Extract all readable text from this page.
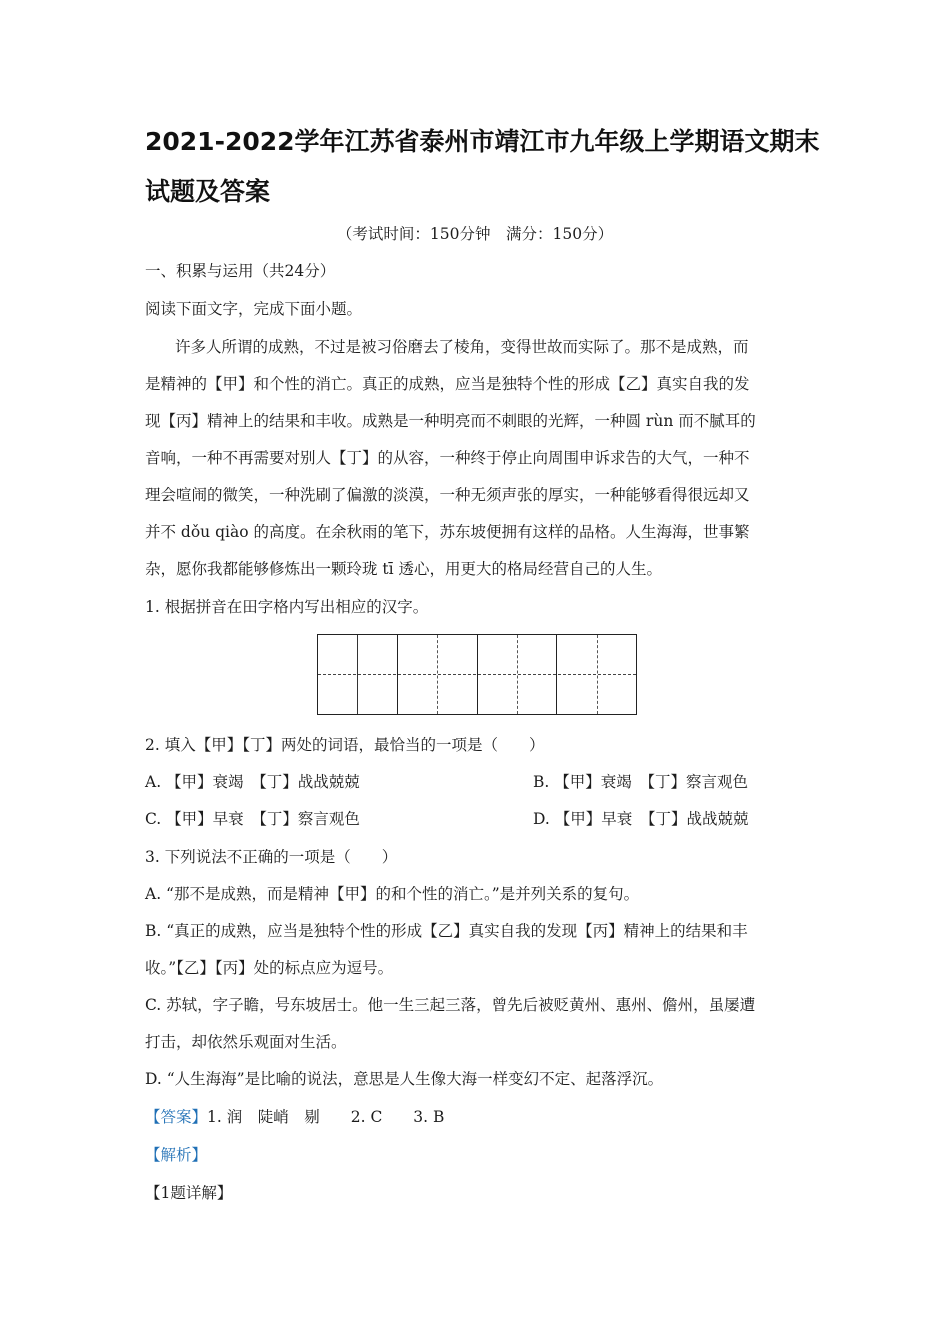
2021-2022学年江苏省泰州市靖江市九年级上学期语文期末
试题及答案
（考试时间：150分钟　满分：150分）
一、积累与运用（共24分）
阅读下面文字，完成下面小题。
许多人所谓的成熟，不过是被习俗磨去了棱角，变得世故而实际了。那不是成熟，而
是精神的【甲】和个性的消亡。真正的成熟，应当是独特个性的形成【乙】真实自我的发
现【丙】精神上的结果和丰收。成熟是一种明亮而不刺眼的光辉，一种圆 rùn 而不腻耳的
音响，一种不再需要对别人【丁】的从容，一种终于停止向周围申诉求告的大气，一种不
理会喧闹的微笑，一种洗刷了偏激的淡漠，一种无须声张的厚实，一种能够看得很远却又
并不 dǒu qiào 的高度。在余秋雨的笔下，苏东坡便拥有这样的品格。人生海海，世事繁
杂，愿你我都能够修炼出一颗玲珑 tī 透心，用更大的格局经营自己的人生。
1. 根据拼音在田字格内写出相应的汉字。
2. 填入【甲】【丁】两处的词语，最恰当的一项是（　　）
A. 【甲】衰竭　【丁】战战兢兢	B. 【甲】衰竭　【丁】察言观色
C. 【甲】早衰　【丁】察言观色	D. 【甲】早衰　【丁】战战兢兢
3. 下列说法不正确的一项是（　　）
A. “那不是成熟，而是精神【甲】的和个性的消亡。”是并列关系的复句。
B. “真正的成熟，应当是独特个性的形成【乙】真实自我的发现【丙】精神上的结果和丰
收。”【乙】【丙】处的标点应为逗号。
C. 苏轼，字子瞻，号东坡居士。他一生三起三落，曾先后被贬黄州、惠州、儋州，虽屡遭
打击，却依然乐观面对生活。
D. “人生海海”是比喻的说法，意思是人生像大海一样变幻不定、起落浮沉。
【答案】1. 润　陡峭　剔　　2. C　　3. B
【解析】
【1题详解】
